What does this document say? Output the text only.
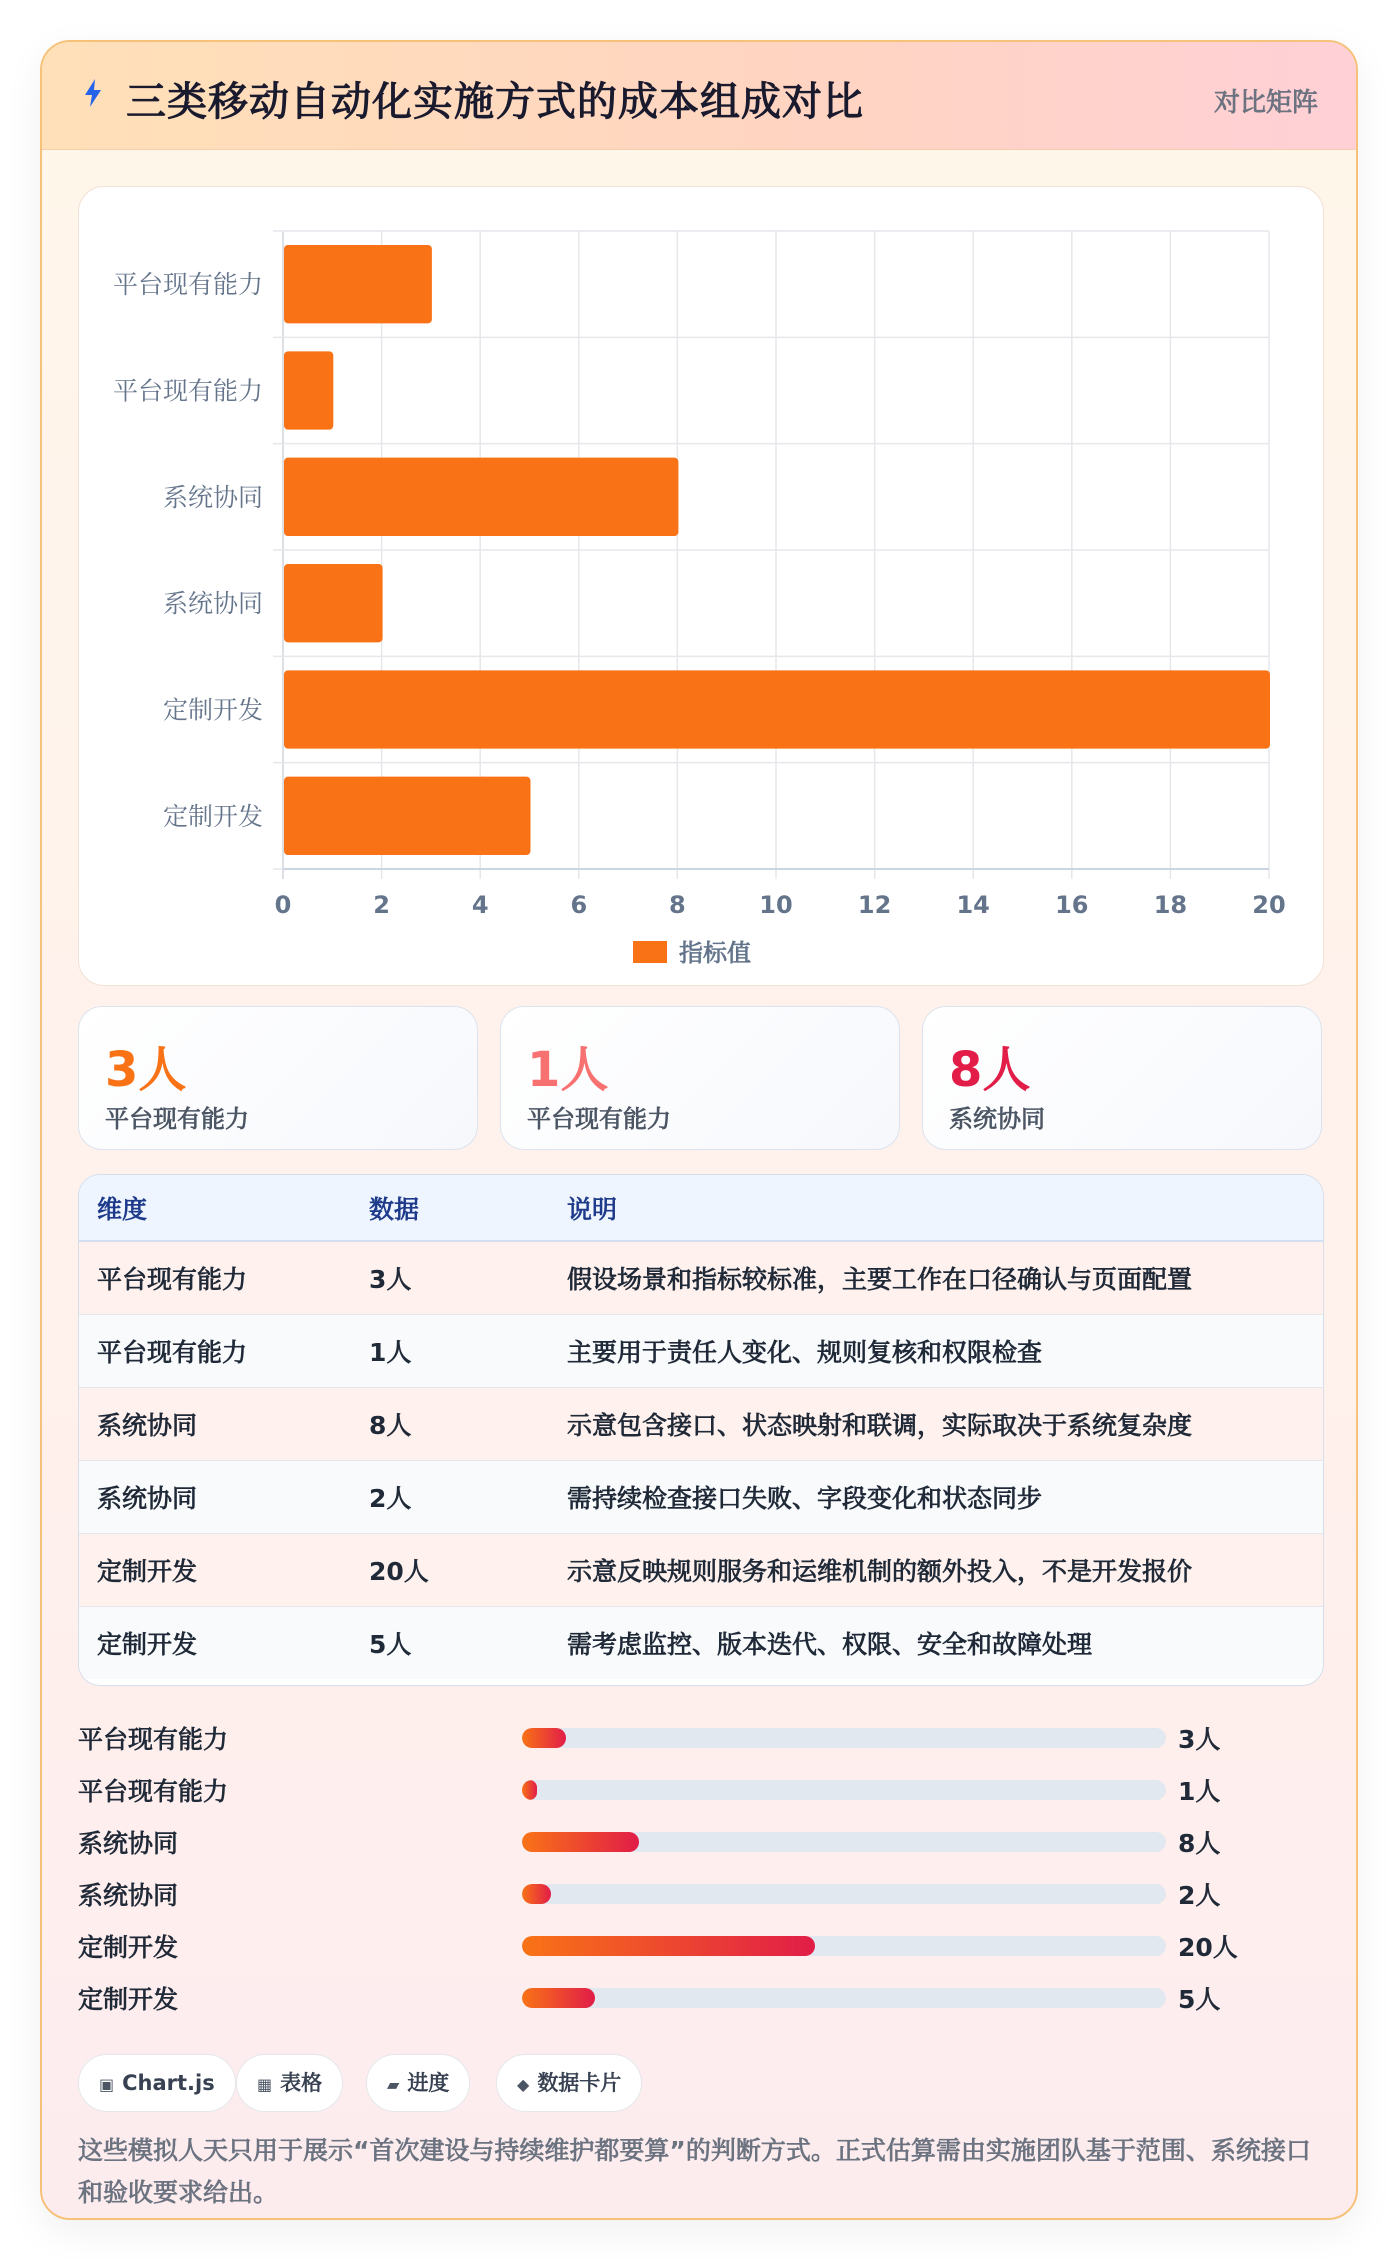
三类移动自动化实施方式的成本组成对比	对比矩阵
0	2	4	6	8	10	12	14	16	18	20
平台现有能力
平台现有能力
系统协同
系统协同
定制开发
定制开发
指标值
3人
平台现有能力
1人
平台现有能力
8人
系统协同
维度	数据	说明
平台现有能力	3人	假设场景和指标较标准，主要工作在口径确认与页面配置
平台现有能力	1人	主要用于责任人变化、规则复核和权限检查
系统协同	8人	示意包含接口、状态映射和联调，实际取决于系统复杂度
系统协同	2人	需持续检查接口失败、字段变化和状态同步
定制开发	20人	示意反映规则服务和运维机制的额外投入，不是开发报价
定制开发	5人	需考虑监控、版本迭代、权限、安全和故障处理
平台现有能力	3人
平台现有能力	1人
系统协同	8人
系统协同	2人
定制开发	20人
定制开发	5人
▣ Chart.js	▦ 表格	▰ 进度	◆ 数据卡片
这些模拟人天只用于展示“首次建设与持续维护都要算”的判断方式。正式估算需由实施团队基于范围、系统接口和验收要求给出。
